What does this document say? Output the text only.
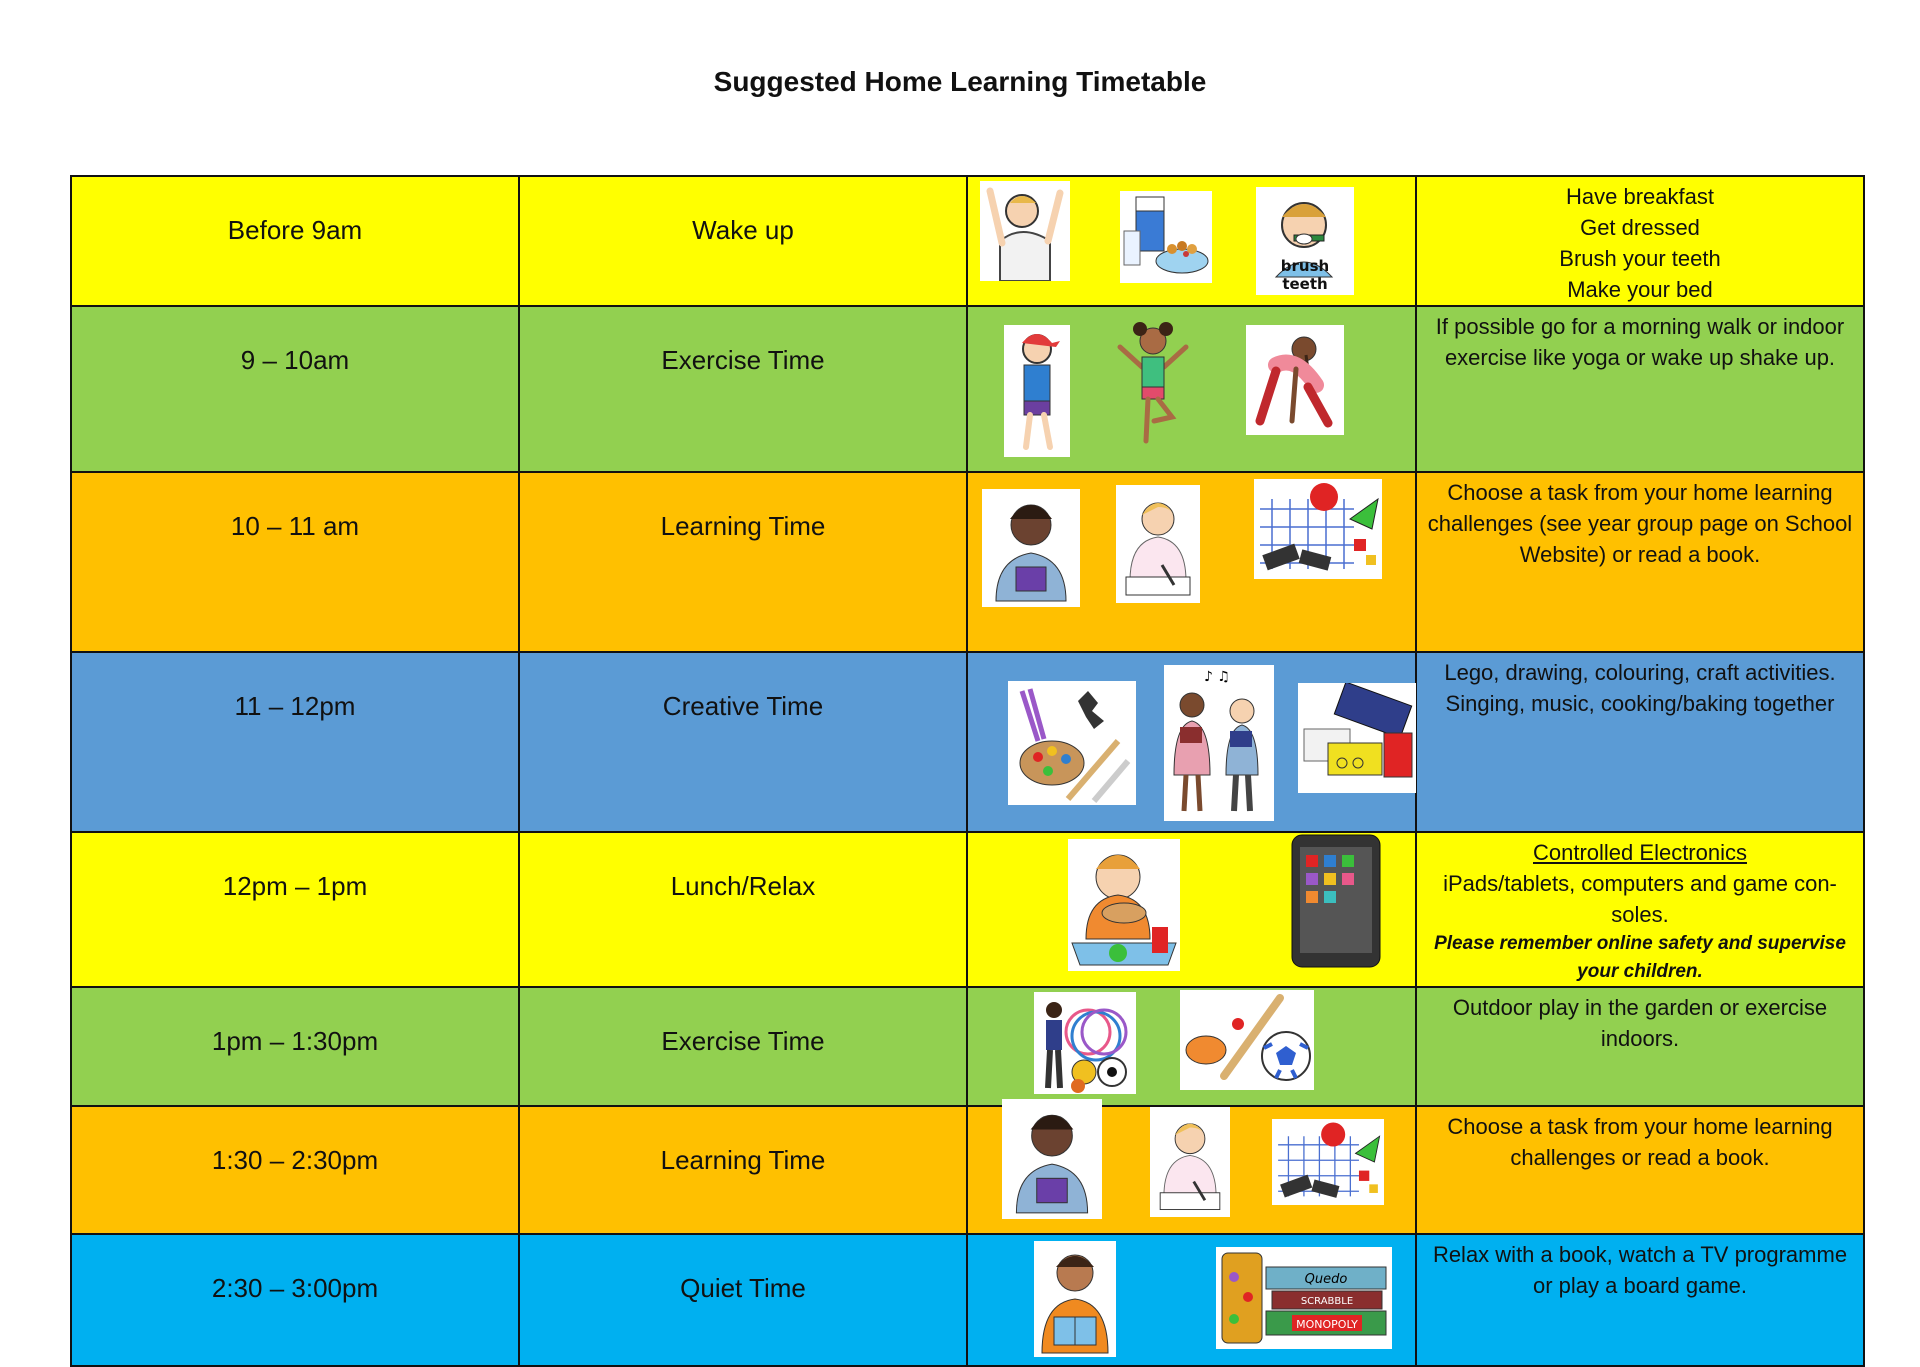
Suggested Home Learning Timetable
Before 9am	Wake up	brush teeth	Have breakfast
Get dressed
Brush your teeth
Make your bed

9 – 10am	Exercise Time		If possible go for a morning walk or indoor exercise like yoga or wake up shake up.

10 – 11 am	Learning Time		Choose a task from your home learning challenges (see year group page on School Website) or read a book.

11 – 12pm	Creative Time	♪ ♫	Lego, drawing, colouring, craft activities. Singing, music, cooking/baking together

12pm – 1pm	Lunch/Relax		Controlled Electronics
iPads/tablets, computers and game con-soles.
Please remember online safety and supervise your children.

1pm – 1:30pm	Exercise Time		Outdoor play in the garden or exercise indoors.

1:30 – 2:30pm	Learning Time		Choose a task from your home learning challenges or read a book.

2:30 – 3:00pm	Quiet Time	Quedo
SCRABBLE
MONOPOLY	Relax with a book, watch a TV programme or play a board game.
